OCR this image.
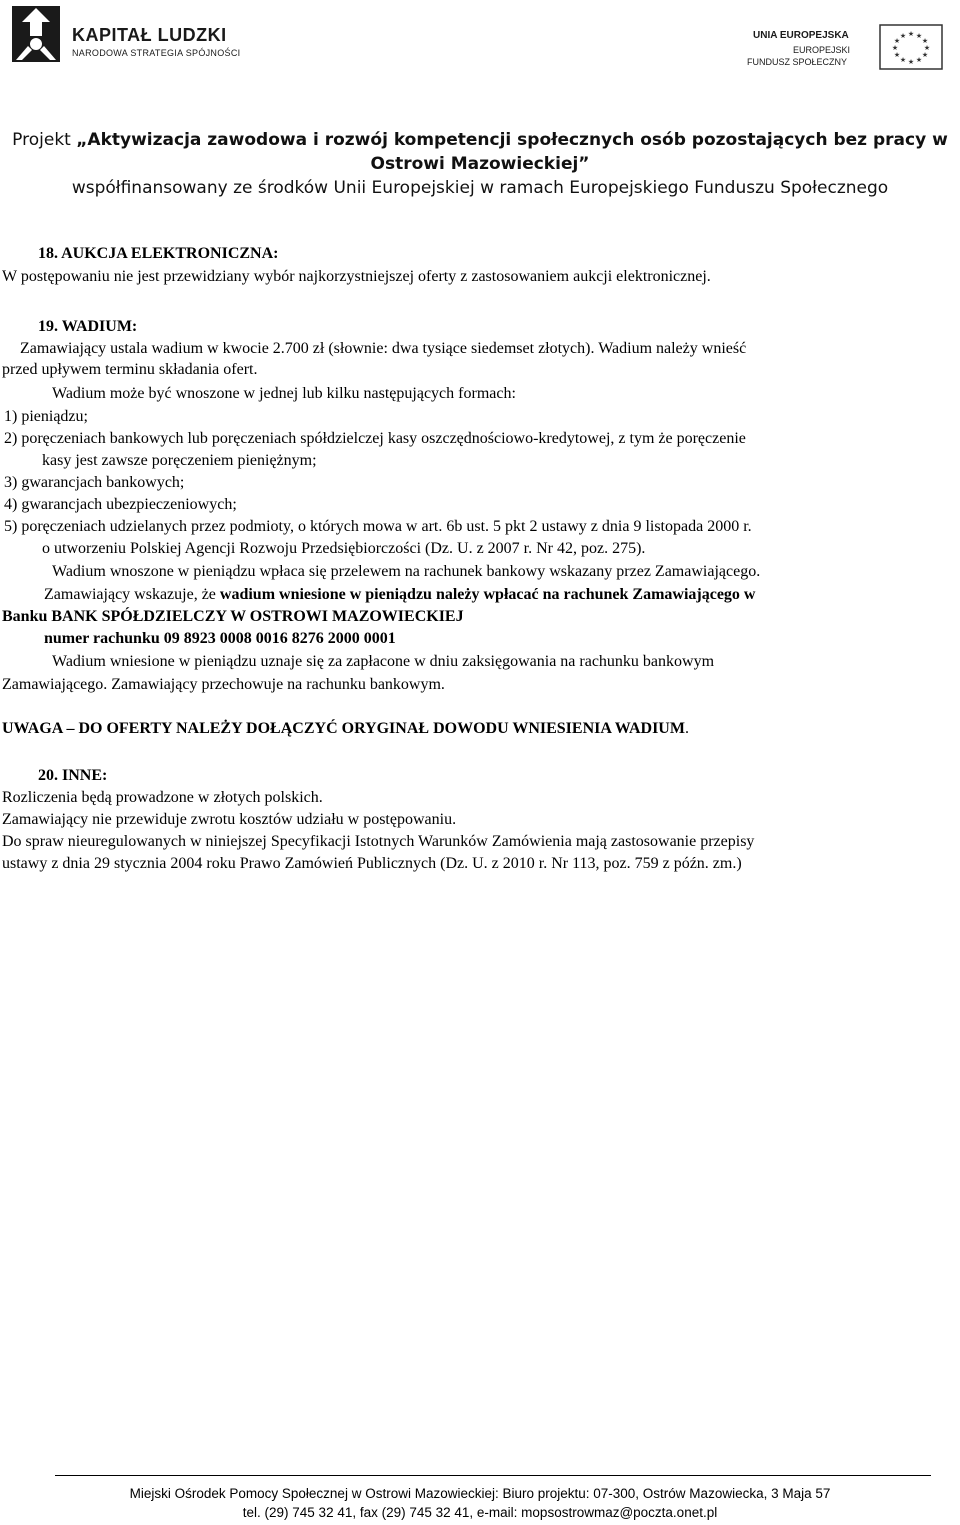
KAPITAŁ LUDZKI
NARODOWA STRATEGIA SPÓJNOŚCI
UNIA EUROPEJSKA
EUROPEJSKI
FUNDUSZ SPOŁECZNY
★ ★
★
★
★
★
★
★
★
★
★
★
Projekt „Aktywizacja zawodowa i rozwój kompetencji społecznych osób pozostających bez pracy w
Ostrowi Mazowieckiej”
współfinansowany ze środków Unii Europejskiej w ramach Europejskiego Funduszu Społecznego
18. AUKCJA ELEKTRONICZNA:
W postępowaniu nie jest przewidziany wybór najkorzystniejszej oferty z zastosowaniem aukcji elektronicznej.
19. WADIUM:
Zamawiający ustala wadium w kwocie 2.700 zł (słownie: dwa tysiące siedemset złotych). Wadium należy wnieść
przed upływem terminu składania ofert.
Wadium może być wnoszone w jednej lub kilku następujących formach:
1) pieniądzu;
2) poręczeniach bankowych lub poręczeniach spółdzielczej kasy oszczędnościowo-kredytowej, z tym że poręczenie
kasy jest zawsze poręczeniem pieniężnym;
3) gwarancjach bankowych;
4) gwarancjach ubezpieczeniowych;
5) poręczeniach udzielanych przez podmioty, o których mowa w art. 6b ust. 5 pkt 2 ustawy z dnia 9 listopada 2000 r.
o utworzeniu Polskiej Agencji Rozwoju Przedsiębiorczości (Dz. U. z 2007 r. Nr 42, poz. 275).
Wadium wnoszone w pieniądzu wpłaca się przelewem na rachunek bankowy wskazany przez Zamawiającego.
Zamawiający wskazuje, że wadium wniesione w pieniądzu należy wpłacać na rachunek Zamawiającego w
Banku BANK SPÓŁDZIELCZY W OSTROWI MAZOWIECKIEJ
numer rachunku 09 8923 0008 0016 8276 2000 0001
Wadium wniesione w pieniądzu uznaje się za zapłacone w dniu zaksięgowania na rachunku bankowym
Zamawiającego. Zamawiający przechowuje na rachunku bankowym.
UWAGA – DO OFERTY NALEŻY DOŁĄCZYĆ ORYGINAŁ DOWODU WNIESIENIA WADIUM.
20. INNE:
Rozliczenia będą prowadzone w złotych polskich.
Zamawiający nie przewiduje zwrotu kosztów udziału w postępowaniu.
Do spraw nieuregulowanych w niniejszej Specyfikacji Istotnych Warunków Zamówienia mają zastosowanie przepisy
ustawy z dnia 29 stycznia 2004 roku Prawo Zamówień Publicznych (Dz. U. z 2010 r. Nr 113, poz. 759 z późn. zm.)
Miejski Ośrodek Pomocy Społecznej w Ostrowi Mazowieckiej: Biuro projektu: 07-300, Ostrów Mazowiecka, 3 Maja 57
tel. (29) 745 32 41, fax (29) 745 32 41, e-mail: mopsostrowmaz@poczta.onet.pl
